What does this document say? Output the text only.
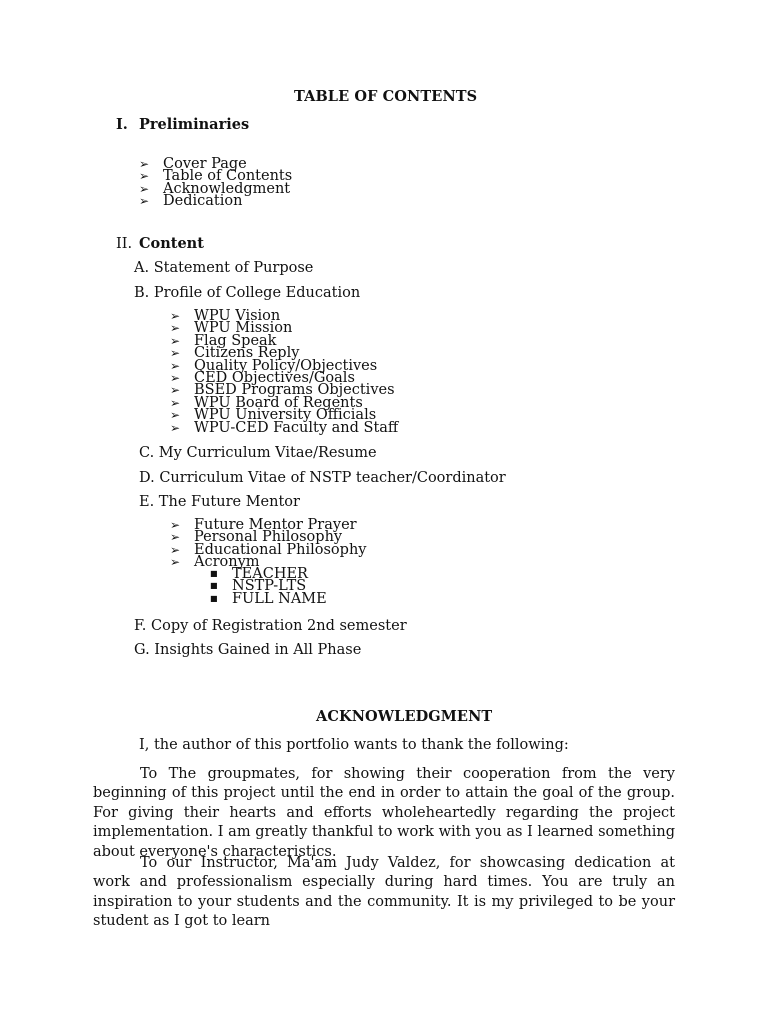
TABLE OF CONTENTS
I. Preliminaries
➢ Cover Page
➢ Table of Contents
➢ Acknowledgment
➢ Dedication
II. Content
A. Statement of Purpose
B. Profile of College Education
➢ WPU Vision
➢ WPU Mission
➢ Flag Speak
➢ Citizens Reply
➢ Quality Policy/Objectives
➢ CED Objectives/Goals
➢ BSED Programs Objectives
➢ WPU Board of Regents
➢ WPU University Officials
➢ WPU-CED Faculty and Staff
C. My Curriculum Vitae/Resume
D. Curriculum Vitae of NSTP teacher/Coordinator
E. The Future Mentor
➢ Future Mentor Prayer
➢ Personal Philosophy
➢ Educational Philosophy
➢ Acronym
■ TEACHER
■ NSTP-LTS
■ FULL NAME
F. Copy of Registration 2nd semester
G. Insights Gained in All Phase
ACKNOWLEDGMENT
I, the author of this portfolio wants to thank the following:
To The groupmates, for showing their cooperation from the very beginning of this project until the end in order to attain the goal of the group. For giving their hearts and efforts wholeheartedly regarding the project implementation. I am greatly thankful to work with you as I learned something about everyone's characteristics.
To our Instructor, Ma'am Judy Valdez, for showcasing dedication at work and professionalism especially during hard times. You are truly an inspiration to your students and the community. It is my privileged to be your student as I got to learn
